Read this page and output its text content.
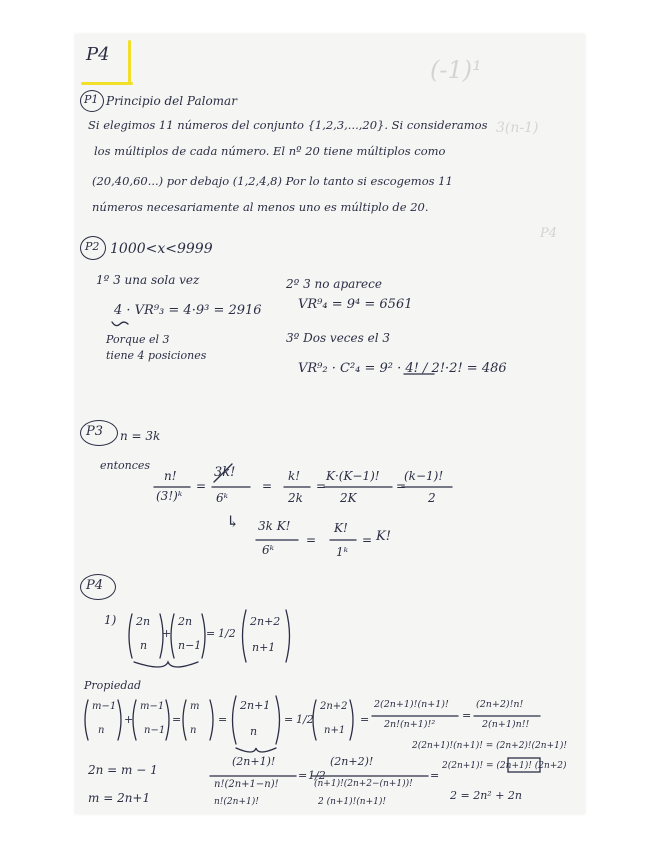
(-1)¹
3(n-1)
P4
P4
P1 Principio del Palomar
Si elegimos 11 números del conjunto {1,2,3,...,20}. Si consideramos
los múltiplos de cada número. El nº 20 tiene múltiplos como
(20,40,60...) por debajo (1,2,4,8) Por lo tanto si escogemos 11
números necesariamente al menos uno es múltiplo de 20.
P2 1000<x<9999
1º 3 una sola vez
4 · VR⁹₃ = 4·9³ = 2916
Porque el 3
tiene 4 posiciones
2º 3 no aparece
VR⁹₄ = 9⁴ = 6561
3º Dos veces el 3
VR⁹₂ · C²₄ = 9² · 4! / 2!·2! = 486
P3 n = 3k
entonces
n!
(3!)ᵏ
=
3k!
6ᵏ
=
k!
2k
=
K·(K−1)!
2K
=
(k−1)!
2
↳ 3k K!
6ᵏ
=
K!
1ᵏ
= K!
P4
1) 2n
n
+
2n
n−1
= 1/2
2n+2
n+1
Propiedad
m−1
n
+
m−1
n−1
=
m
n
=
2n+1
n
= 1/2
2n+2
n+1
=
2(2n+1)!(n+1)!
2n!(n+1)!²
=
(2n+2)!n!
2(n+1)n!!
2n = m − 1
m = 2n+1
(2n+1)!
n!(2n+1−n)!
n!(2n+1)!
= 1/2
(2n+2)!
(n+1)!(2n+2−(n+1))!
2 (n+1)!(n+1)!
=
2(2n+1)!(n+1)! = (2n+2)!(2n+1)!
2(2n+1)! = (2n+1)! (2n+2)
2 = 2n² + 2n
